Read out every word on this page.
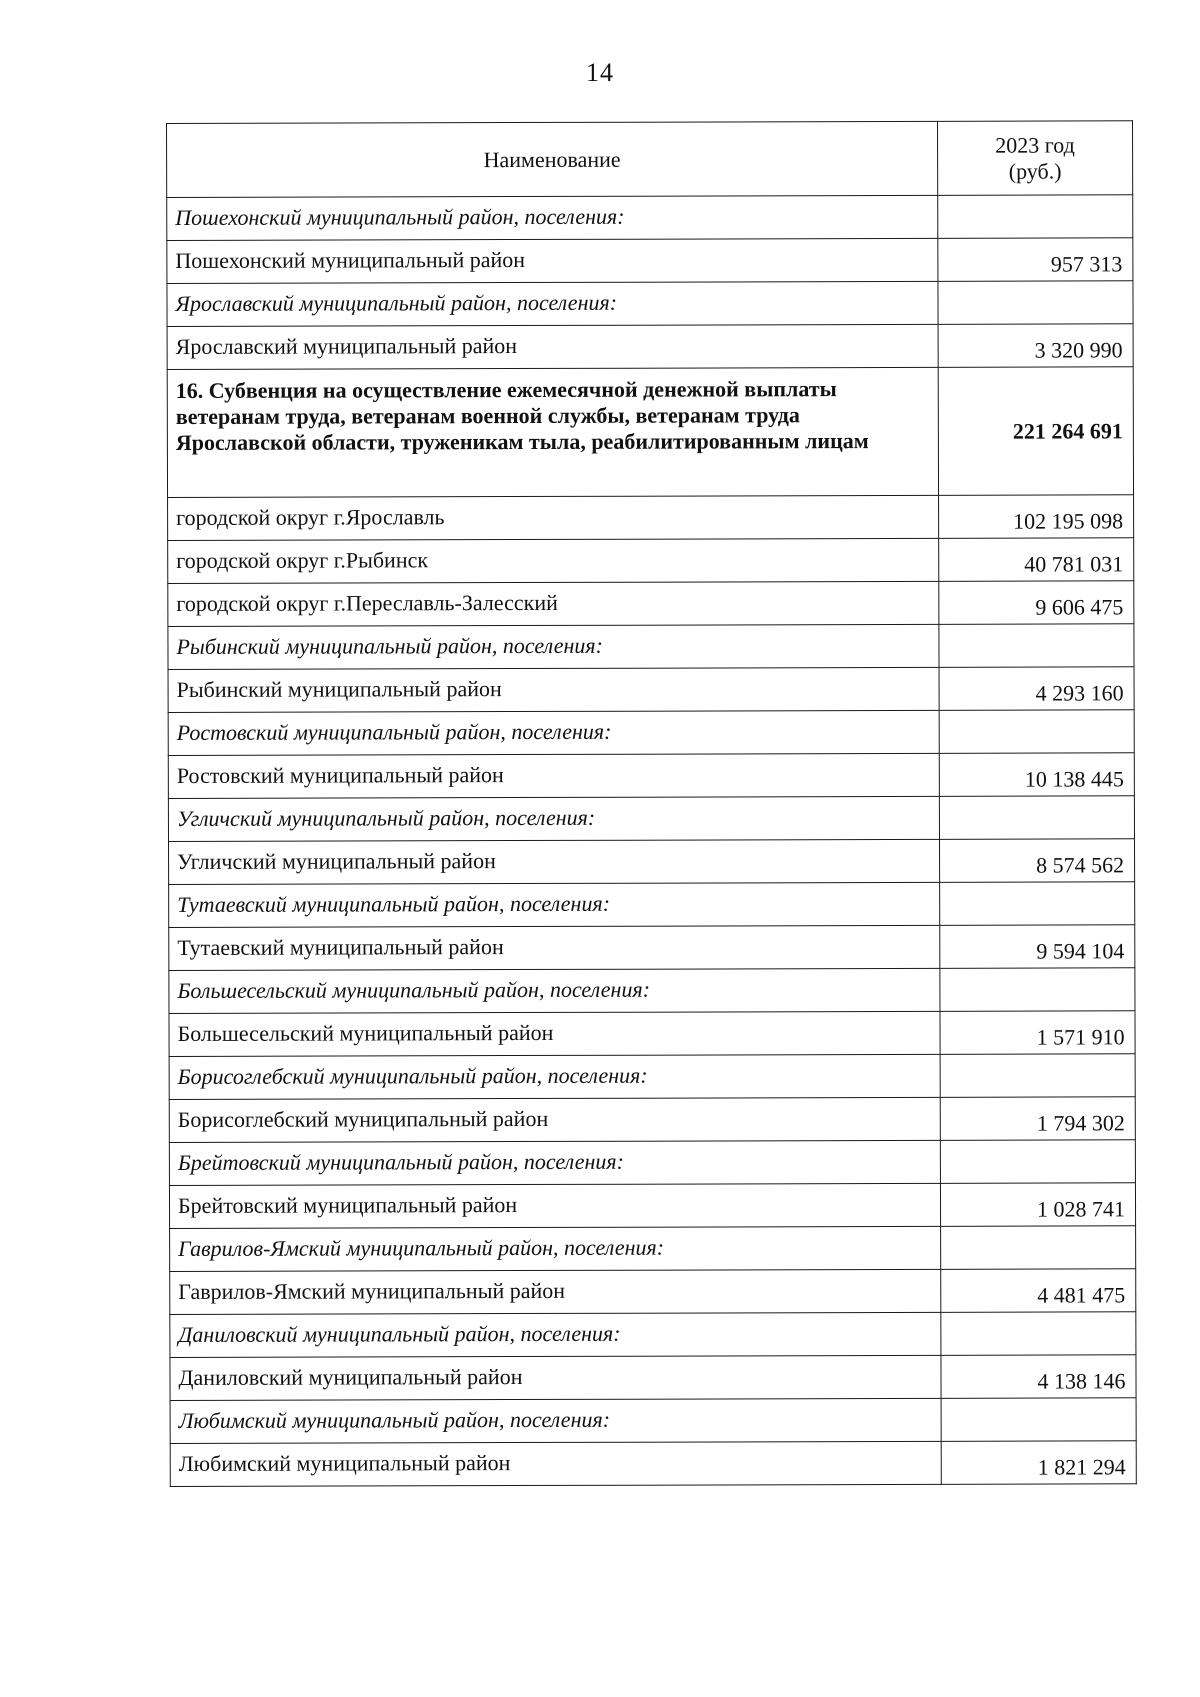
14
Наименование	2023 год
(руб.)

Пошехонский муниципальный район, поселения:	
Пошехонский муниципальный район	957 313
Ярославский муниципальный район, поселения:	
Ярославский муниципальный район	3 320 990
16. Субвенция на осуществление ежемесячной денежной выплаты ветеранам труда, ветеранам военной службы, ветеранам труда Ярославской области, труженикам тыла, реабилитированным лицам	221 264 691
городской округ г.Ярославль	102 195 098
городской округ г.Рыбинск	40 781 031
городской округ г.Переславль-Залесский	9 606 475
Рыбинский муниципальный район, поселения:	
Рыбинский муниципальный район	4 293 160
Ростовский муниципальный район, поселения:	
Ростовский муниципальный район	10 138 445
Угличский муниципальный район, поселения:	
Угличский муниципальный район	8 574 562
Тутаевский муниципальный район, поселения:	
Тутаевский муниципальный район	9 594 104
Большесельский муниципальный район, поселения:	
Большесельский муниципальный район	1 571 910
Борисоглебский муниципальный район, поселения:	
Борисоглебский муниципальный район	1 794 302
Брейтовский муниципальный район, поселения:	
Брейтовский муниципальный район	1 028 741
Гаврилов-Ямский муниципальный район, поселения:	
Гаврилов-Ямский муниципальный район	4 481 475
Даниловский муниципальный район, поселения:	
Даниловский муниципальный район	4 138 146
Любимский муниципальный район, поселения:	
Любимский муниципальный район	1 821 294
